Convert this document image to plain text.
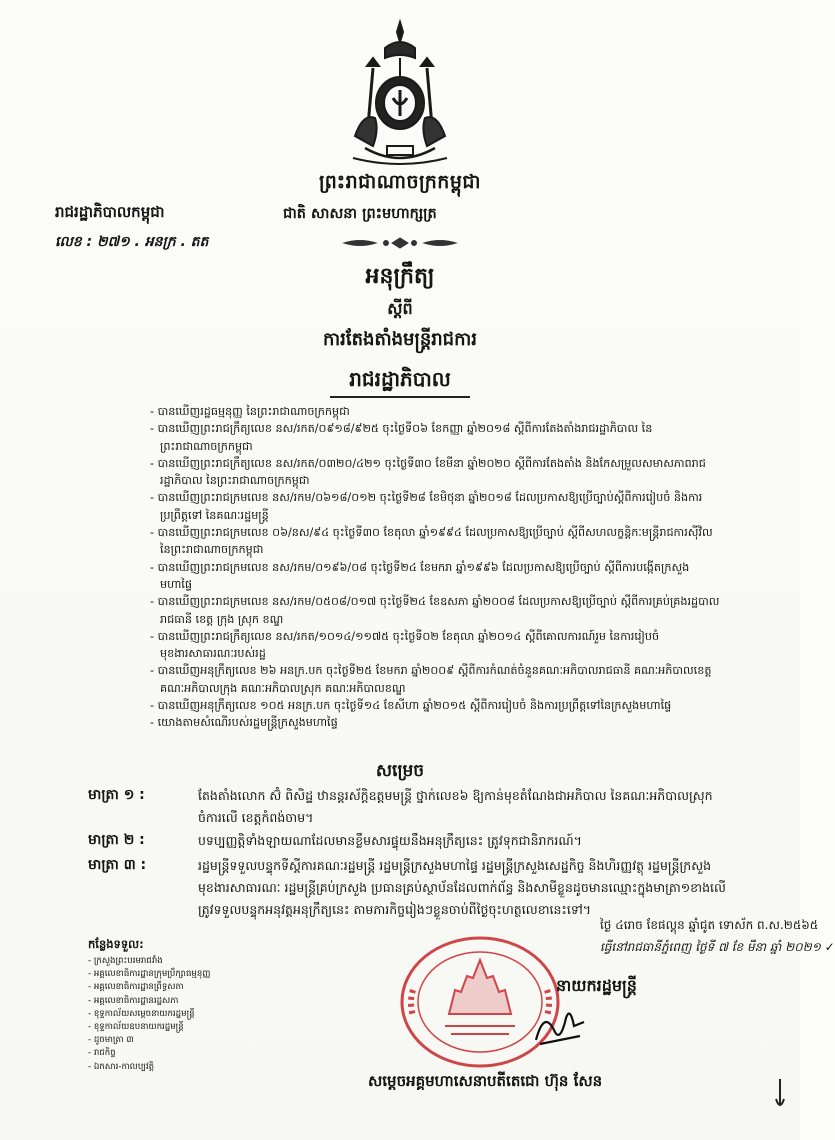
ព្រះរាជាណាចក្រកម្ពុជា
ជាតិ សាសនា ព្រះមហាក្សត្រ
រាជរដ្ឋាភិបាលកម្ពុជា
លេខ : ២៧១ . អនក្រ . តត
អនុក្រឹត្យ
ស្តីពី
ការតែងតាំងមន្ត្រីរាជការ
រាជរដ្ឋាភិបាល
- បានឃើញរដ្ឋធម្មនុញ្ញ នៃព្រះរាជាណាចក្រកម្ពុជា
- បានឃើញព្រះរាជក្រឹត្យលេខ នស/រកត/០៩១៨/៩២៥ ចុះថ្ងៃទី០៦ ខែកញ្ញា ឆ្នាំ២០១៨ ស្តីពីការតែងតាំងរាជរដ្ឋាភិបាល នៃព្រះរាជាណាចក្រកម្ពុជា
- បានឃើញព្រះរាជក្រឹត្យលេខ នស/រកត/០៣២០/៤២១ ចុះថ្ងៃទី៣០ ខែមីនា ឆ្នាំ២០២០ ស្តីពីការតែងតាំង និងកែសម្រួលសមាសភាពរាជរដ្ឋាភិបាល នៃព្រះរាជាណាចក្រកម្ពុជា
- បានឃើញព្រះរាជក្រមលេខ នស/រកម/០៦១៨/០១២ ចុះថ្ងៃទី២៨ ខែមិថុនា ឆ្នាំ២០១៨ ដែលប្រកាសឱ្យប្រើច្បាប់ស្តីពីការរៀបចំ និងការប្រព្រឹត្តទៅ នៃគណៈរដ្ឋមន្ត្រី
- បានឃើញព្រះរាជក្រមលេខ ០៦/នស/៩៤ ចុះថ្ងៃទី៣០ ខែតុលា ឆ្នាំ១៩៩៤ ដែលប្រកាសឱ្យប្រើច្បាប់ ស្តីពីសហលក្ខន្តិកៈមន្ត្រីរាជការស៊ីវិល នៃព្រះរាជាណាចក្រកម្ពុជា
- បានឃើញព្រះរាជក្រមលេខ នស/រកម/០១៩៦/០៨ ចុះថ្ងៃទី២៤ ខែមករា ឆ្នាំ១៩៩៦ ដែលប្រកាសឱ្យប្រើច្បាប់ ស្តីពីការបង្កើតក្រសួងមហាផ្ទៃ
- បានឃើញព្រះរាជក្រមលេខ នស/រកម/០៥០៨/០១៧ ចុះថ្ងៃទី២៤ ខែឧសភា ឆ្នាំ២០០៨ ដែលប្រកាសឱ្យប្រើច្បាប់ ស្តីពីការគ្រប់គ្រងរដ្ឋបាលរាជធានី ខេត្ត ក្រុង ស្រុក ខណ្ឌ
- បានឃើញព្រះរាជក្រឹត្យលេខ នស/រកត/១០១៤/១១៧៥ ចុះថ្ងៃទី០២ ខែតុលា ឆ្នាំ២០១៤ ស្តីពីគោលការណ៍រួម នៃការរៀបចំមុខងារសាធារណៈរបស់រដ្ឋ
- បានឃើញអនុក្រឹត្យលេខ ២៦ អនក្រ.បក ចុះថ្ងៃទី២៥ ខែមករា ឆ្នាំ២០០៩ ស្តីពីការកំណត់ចំនួនគណៈអភិបាលរាជធានី គណៈអភិបាលខេត្ត គណៈអភិបាលក្រុង គណៈអភិបាលស្រុក គណៈអភិបាលខណ្ឌ
- បានឃើញអនុក្រឹត្យលេខ ១០៥ អនក្រ.បក ចុះថ្ងៃទី១៤ ខែសីហា ឆ្នាំ២០១៥ ស្តីពីការរៀបចំ និងការប្រព្រឹត្តទៅនៃក្រសួងមហាផ្ទៃ
- យោងតាមសំណើរបស់រដ្ឋមន្ត្រីក្រសួងមហាផ្ទៃ
សម្រេច
មាត្រា ១ :	តែងតាំងលោក ស៊ំ ពិសិដ្ឋ ឋានន្តរស័ក្តិឧត្តមមន្ត្រី ថ្នាក់លេខ៦ ឱ្យកាន់មុខតំណែងជាអភិបាល នៃគណៈអភិបាលស្រុកចំការលើ ខេត្តកំពង់ចាម។
មាត្រា ២ :	បទប្បញ្ញត្តិទាំងឡាយណាដែលមានខ្លឹមសារផ្ទុយនឹងអនុក្រឹត្យនេះ ត្រូវទុកជានិរាករណ៍។
មាត្រា ៣ :	រដ្ឋមន្ត្រីទទួលបន្ទុកទីស្តីការគណៈរដ្ឋមន្ត្រី រដ្ឋមន្ត្រីក្រសួងមហាផ្ទៃ រដ្ឋមន្ត្រីក្រសួងសេដ្ឋកិច្ច និងហិរញ្ញវត្ថុ រដ្ឋមន្ត្រីក្រសួងមុខងារសាធារណៈ រដ្ឋមន្ត្រីគ្រប់ក្រសួង ប្រធានគ្រប់ស្ថាប័នដែលពាក់ព័ន្ធ និងសាមីខ្លួនដូចមានឈ្មោះក្នុងមាត្រា១ខាងលើ ត្រូវទទួលបន្ទុកអនុវត្តអនុក្រឹត្យនេះ តាមភារកិច្ចរៀងៗខ្លួនចាប់ពីថ្ងៃចុះហត្ថលេខានេះទៅ។
ថ្ងៃ ៤រោច ខែផល្គុន ឆ្នាំជូត ទោស័ក ព.ស.២៥៦៥
ធ្វើនៅរាជធានីភ្នំពេញ ថ្ងៃទី ៧ ខែ មីនា ឆ្នាំ ២០២១ ✓
នាយករដ្ឋមន្ត្រី
សម្តេចអគ្គមហាសេនាបតីតេជោ ហ៊ុន សែន
កន្លែងទទួល:
- ក្រសួងព្រះបរមរាជវាំង
- អគ្គលេខាធិការដ្ឋានក្រុមប្រឹក្សាធម្មនុញ្ញ
- អគ្គលេខាធិការដ្ឋានព្រឹទ្ធសភា
- អគ្គលេខាធិការដ្ឋានរដ្ឋសភា
- ខុទ្ទកាល័យសម្តេចនាយករដ្ឋមន្ត្រី
- ខុទ្ទកាល័យឧបនាយករដ្ឋមន្ត្រី
- ដូចមាត្រា ៣
- រាជកិច្ច
- ឯកសារ-កាលប្បវត្តិ
